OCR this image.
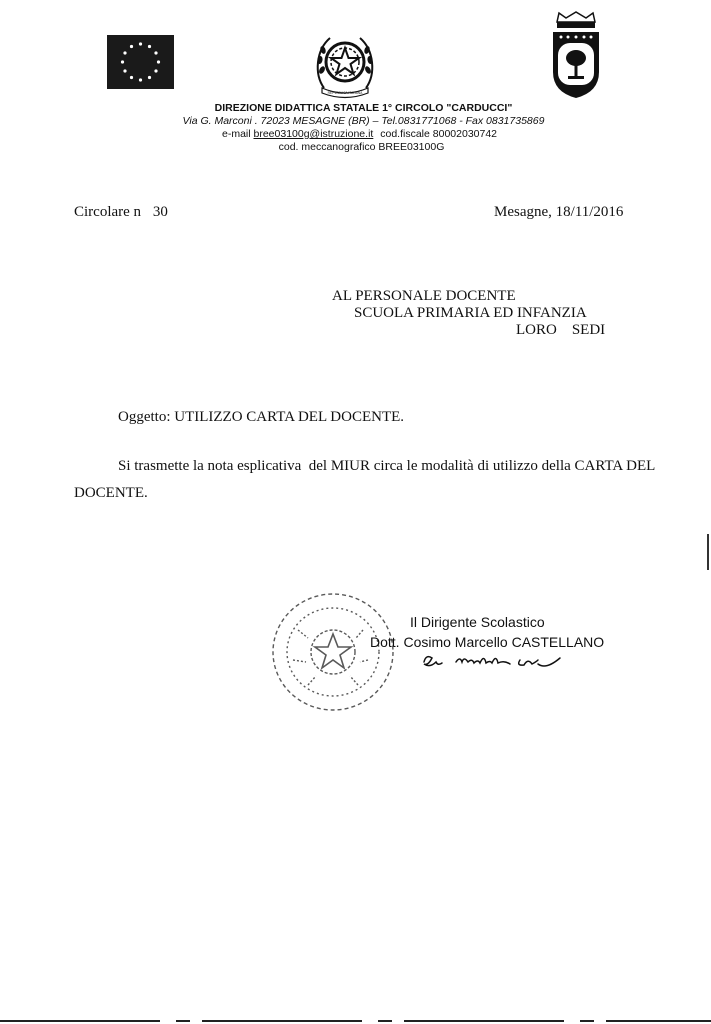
REPVBBLICA ITALIANA
DIREZIONE DIDATTICA STATALE 1° CIRCOLO "CARDUCCI"
Via G. Marconi . 72023 MESAGNE (BR) – Tel.0831771068 - Fax 0831735869
e-mail bree03100g@istruzione.it cod.fiscale 80002030742
cod. meccanografico BREE03100G
Circolare n 30	Mesagne, 18/11/2016
AL PERSONALE DOCENTE
SCUOLA PRIMARIA ED INFANZIA
LORO    SEDI
Oggetto: UTILIZZO CARTA DEL DOCENTE.
Si trasmette la nota esplicativa  del MIUR circa le modalità di utilizzo della CARTA DEL
DOCENTE.
Il Dirigente Scolastico
Dott. Cosimo Marcello CASTELLANO
Co. Marcello Ca.
